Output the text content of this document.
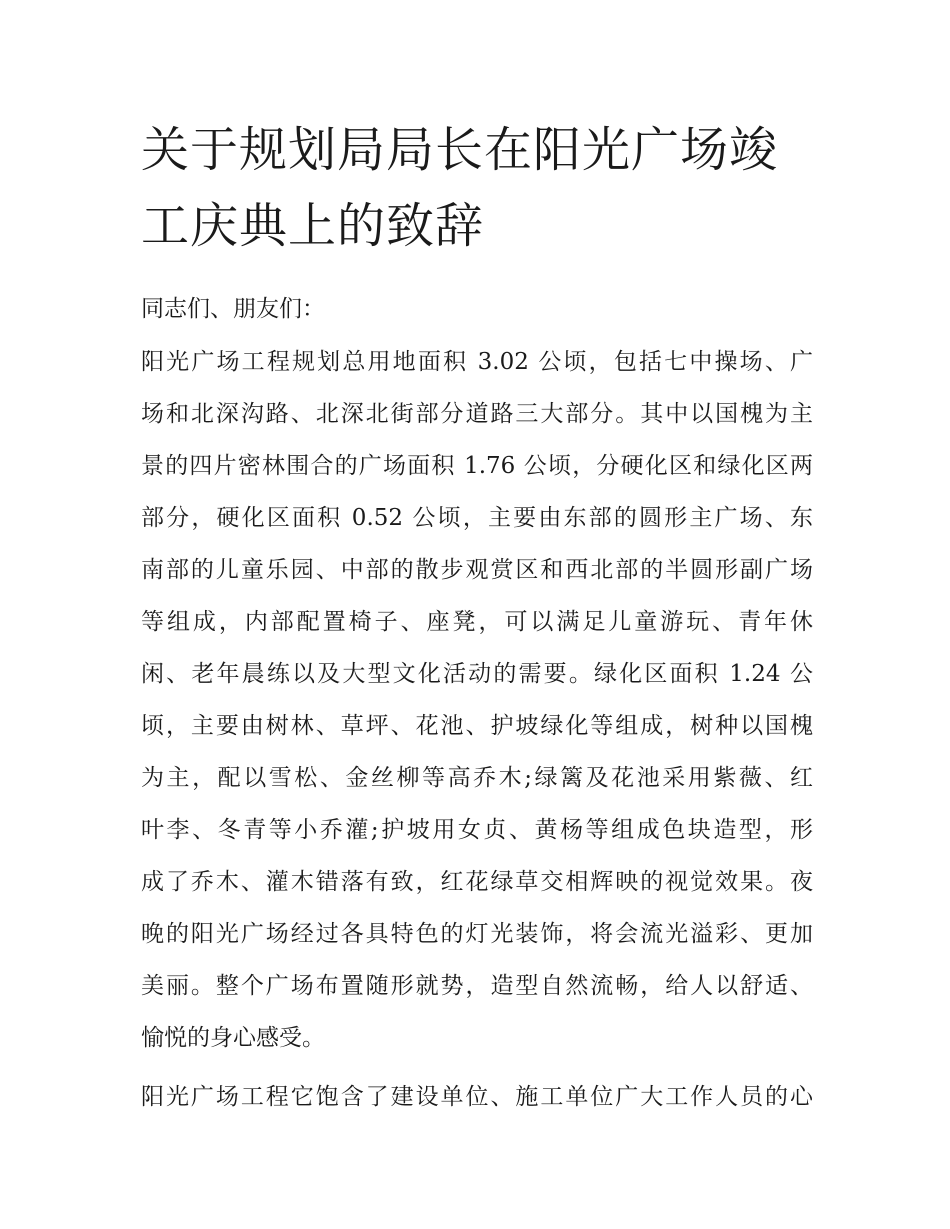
关于规划局局长在阳光广场竣
工庆典上的致辞

同志们、朋友们：

阳光广场工程规划总用地面积 3.02 公顷，包括七中操场、广
场和北深沟路、北深北街部分道路三大部分。其中以国槐为主
景的四片密林围合的广场面积 1.76 公顷，分硬化区和绿化区两
部分，硬化区面积 0.52 公顷，主要由东部的圆形主广场、东
南部的儿童乐园、中部的散步观赏区和西北部的半圆形副广场
等组成，内部配置椅子、座凳，可以满足儿童游玩、青年休
闲、老年晨练以及大型文化活动的需要。绿化区面积 1.24 公
顷，主要由树林、草坪、花池、护坡绿化等组成，树种以国槐
为主，配以雪松、金丝柳等高乔木;绿篱及花池采用紫薇、红
叶李、冬青等小乔灌;护坡用女贞、黄杨等组成色块造型，形
成了乔木、灌木错落有致，红花绿草交相辉映的视觉效果。夜
晚的阳光广场经过各具特色的灯光装饰，将会流光溢彩、更加
美丽。整个广场布置随形就势，造型自然流畅，给人以舒适、
愉悦的身心感受。

阳光广场工程它饱含了建设单位、施工单位广大工作人员的心
